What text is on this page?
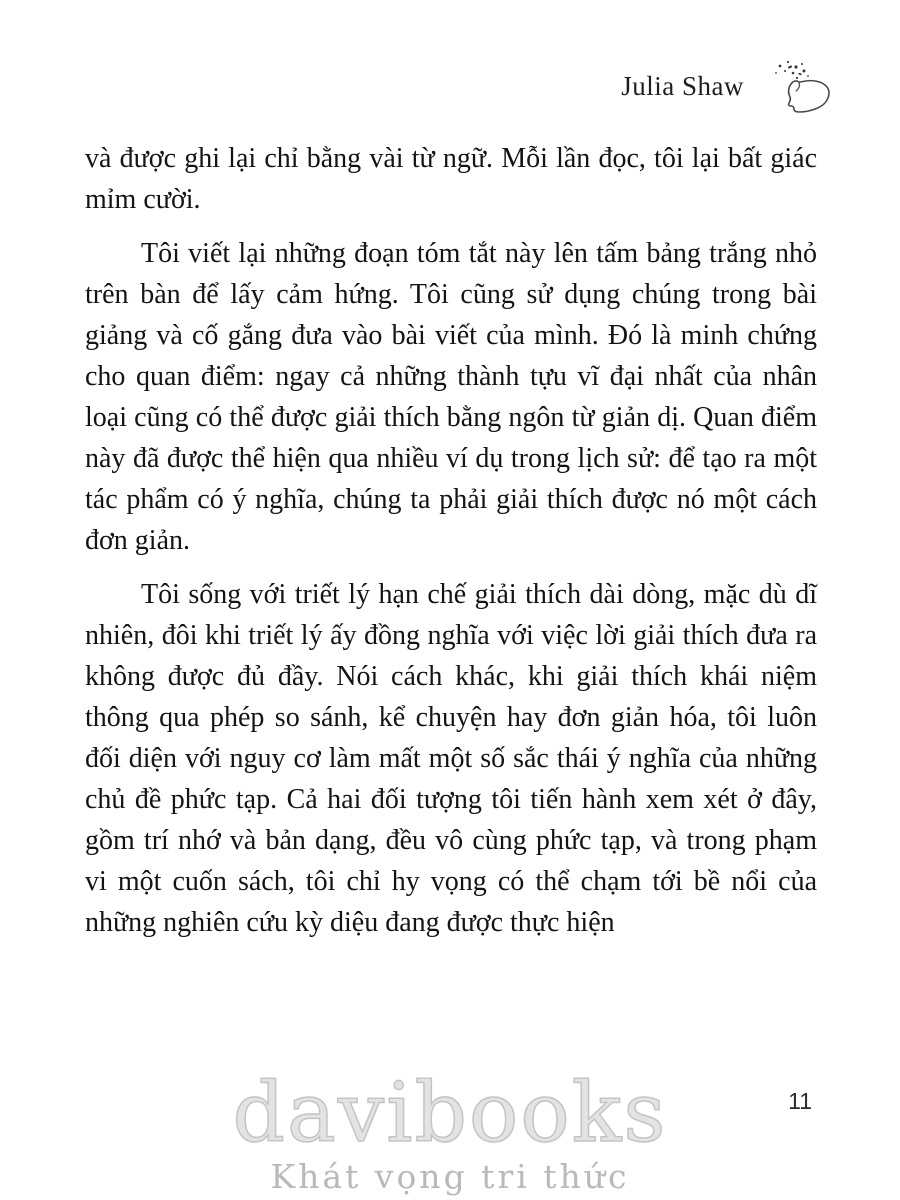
Julia Shaw

và được ghi lại chỉ bằng vài từ ngữ. Mỗi lần đọc, tôi lại bất giác mỉm cười.

Tôi viết lại những đoạn tóm tắt này lên tấm bảng trắng nhỏ trên bàn để lấy cảm hứng. Tôi cũng sử dụng chúng trong bài giảng và cố gắng đưa vào bài viết của mình. Đó là minh chứng cho quan điểm: ngay cả những thành tựu vĩ đại nhất của nhân loại cũng có thể được giải thích bằng ngôn từ giản dị. Quan điểm này đã được thể hiện qua nhiều ví dụ trong lịch sử: để tạo ra một tác phẩm có ý nghĩa, chúng ta phải giải thích được nó một cách đơn giản.

Tôi sống với triết lý hạn chế giải thích dài dòng, mặc dù dĩ nhiên, đôi khi triết lý ấy đồng nghĩa với việc lời giải thích đưa ra không được đủ đầy. Nói cách khác, khi giải thích khái niệm thông qua phép so sánh, kể chuyện hay đơn giản hóa, tôi luôn đối diện với nguy cơ làm mất một số sắc thái ý nghĩa của những chủ đề phức tạp. Cả hai đối tượng tôi tiến hành xem xét ở đây, gồm trí nhớ và bản dạng, đều vô cùng phức tạp, và trong phạm vi một cuốn sách, tôi chỉ hy vọng có thể chạm tới bề nổi của những nghiên cứu kỳ diệu đang được thực hiện

11
davibooks
Khát vọng tri thức
